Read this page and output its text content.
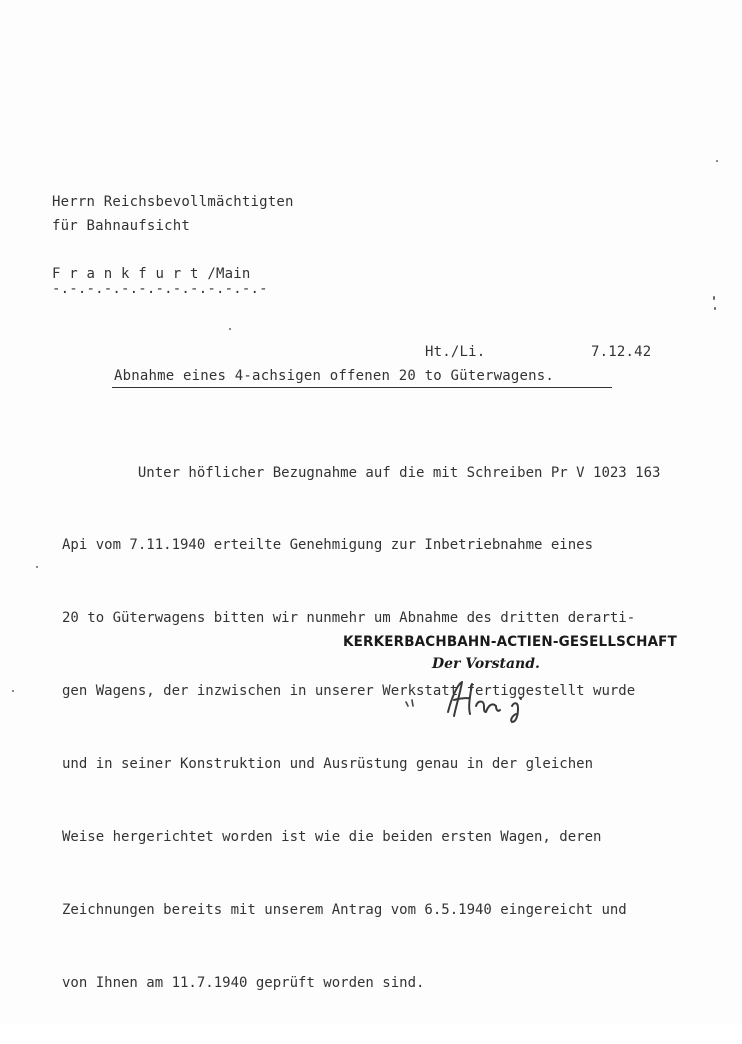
Herrn Reichsbevollmächtigten
für Bahnaufsicht
F r a n k f u r t /Main
-.-.-.-.-.-.-.-.-.-.-.-.-
Ht./Li.	7.12.42
Abnahme eines 4-achsigen offenen 20 to Güterwagens.

Unter höflicher Bezugnahme auf die mit Schreiben Pr V 1023 163

Api vom 7.11.1940 erteilte Genehmigung zur Inbetriebnahme eines

20 to Güterwagens bitten wir nunmehr um Abnahme des dritten derarti-

gen Wagens, der inzwischen in unserer Werkstatt fertiggestellt wurde

und in seiner Konstruktion und Ausrüstung genau in der gleichen

Weise hergerichtet worden ist wie die beiden ersten Wagen, deren

Zeichnungen bereits mit unserem Antrag vom 6.5.1940 eingereicht und

von Ihnen am 11.7.1940 geprüft worden sind.

KERKERBACHBAHN-ACTIEN-GESELLSCHAFT
Der Vorstand.
